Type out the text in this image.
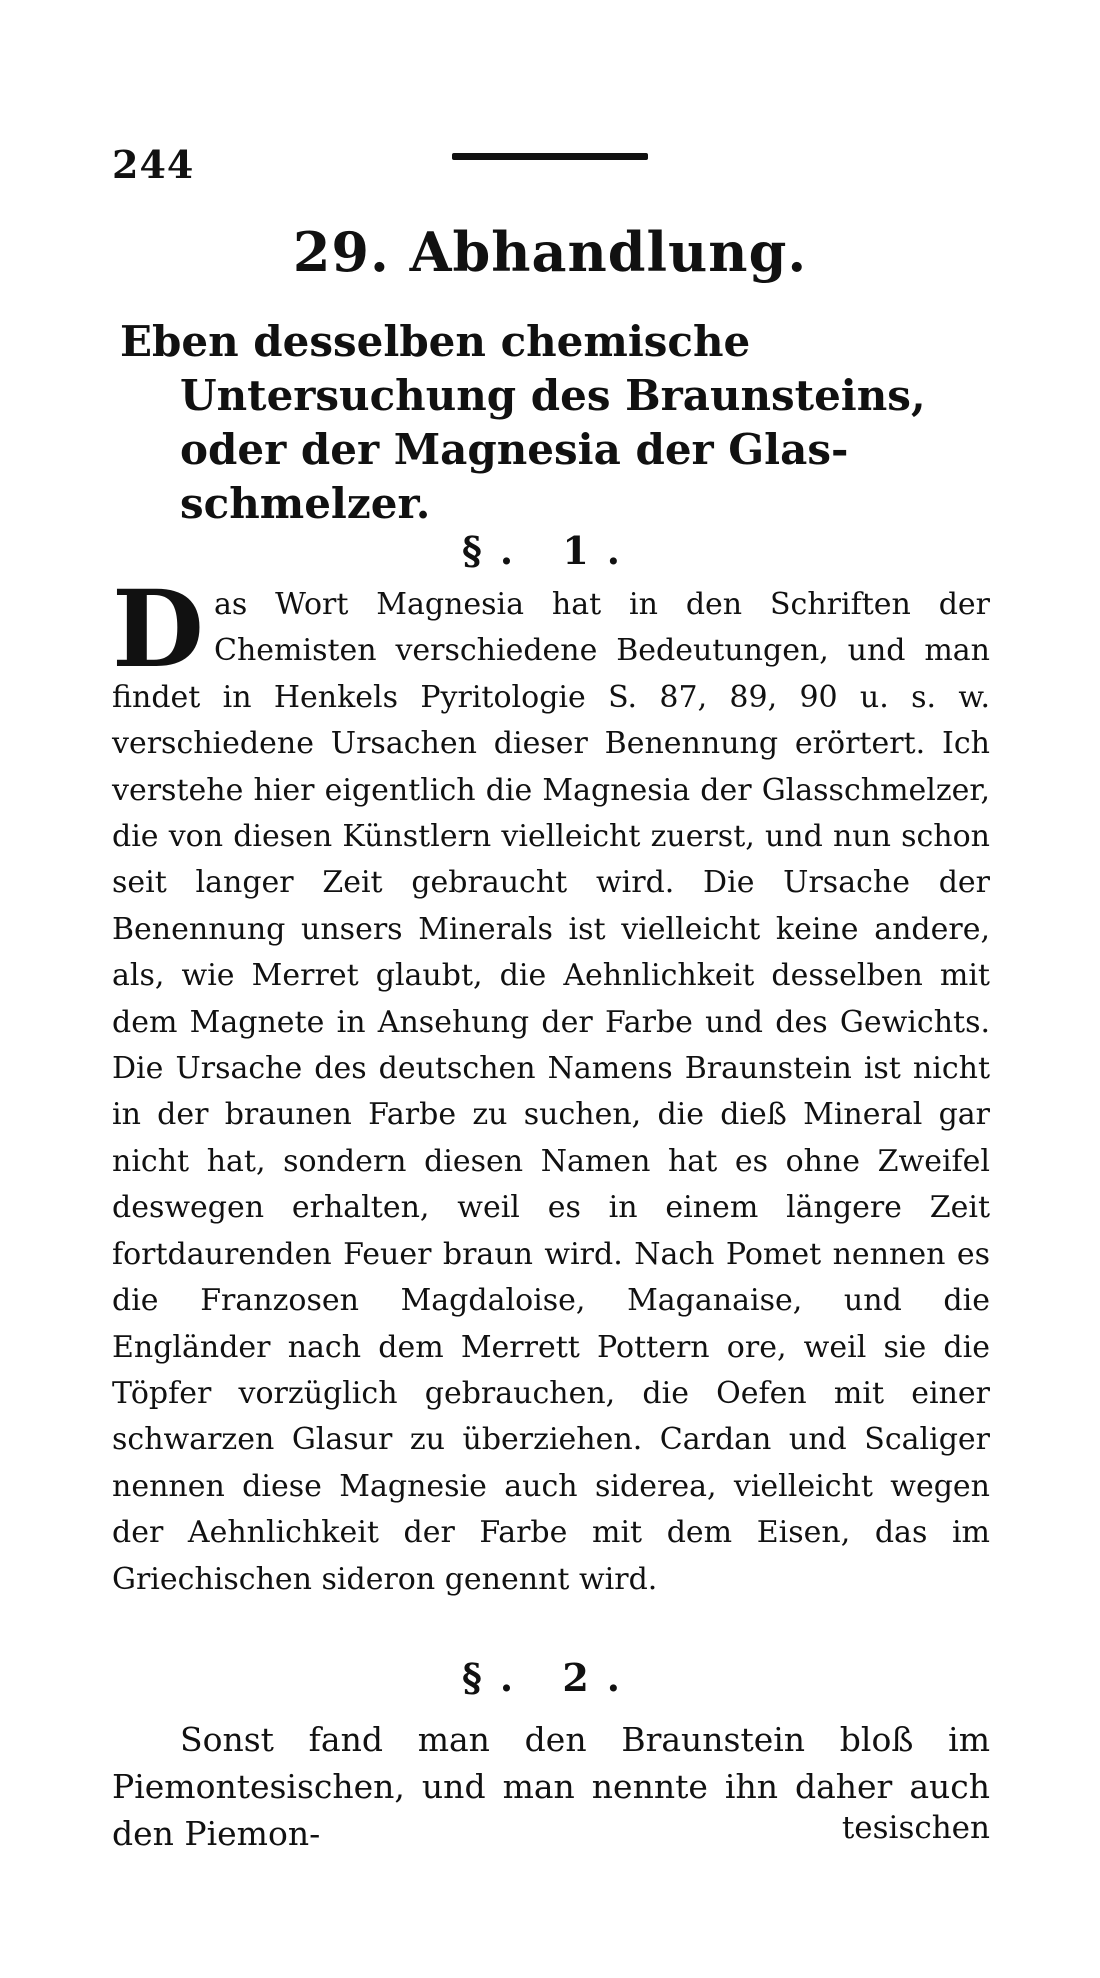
244
29. Abhandlung.
Eben desselben chemische Untersuchung des Braunsteins, oder der Magnesia der Glas-schmelzer.
§. 1.
D as Wort Magnesia hat in den Schriften der Chemisten verschiedene Bedeutungen, und man findet in Henkels Pyritologie S. 87, 89, 90 u. s. w. verschiedene Ursachen dieser Benennung erörtert. Ich verstehe hier eigentlich die Magnesia der Glasschmelzer, die von diesen Künstlern vielleicht zuerst, und nun schon seit langer Zeit gebraucht wird. Die Ursache der Benennung unsers Minerals ist vielleicht keine andere, als, wie Merret glaubt, die Aehnlichkeit desselben mit dem Magnete in Ansehung der Farbe und des Gewichts. Die Ursache des deutschen Namens Braunstein ist nicht in der braunen Farbe zu suchen, die dieß Mineral gar nicht hat, sondern diesen Namen hat es ohne Zweifel deswegen erhalten, weil es in einem längere Zeit fortdaurenden Feuer braun wird. Nach Pomet nennen es die Franzosen Magdaloise, Maganaise, und die Engländer nach dem Merrett Pottern ore, weil sie die Töpfer vorzüglich gebrauchen, die Oefen mit einer schwarzen Glasur zu überziehen. Cardan und Scaliger nennen diese Magnesie auch siderea, vielleicht wegen der Aehnlichkeit der Farbe mit dem Eisen, das im Griechischen sideron genennt wird.
§. 2.
Sonst fand man den Braunstein bloß im Piemontesischen, und man nennte ihn daher auch den Piemon-	tesischen
